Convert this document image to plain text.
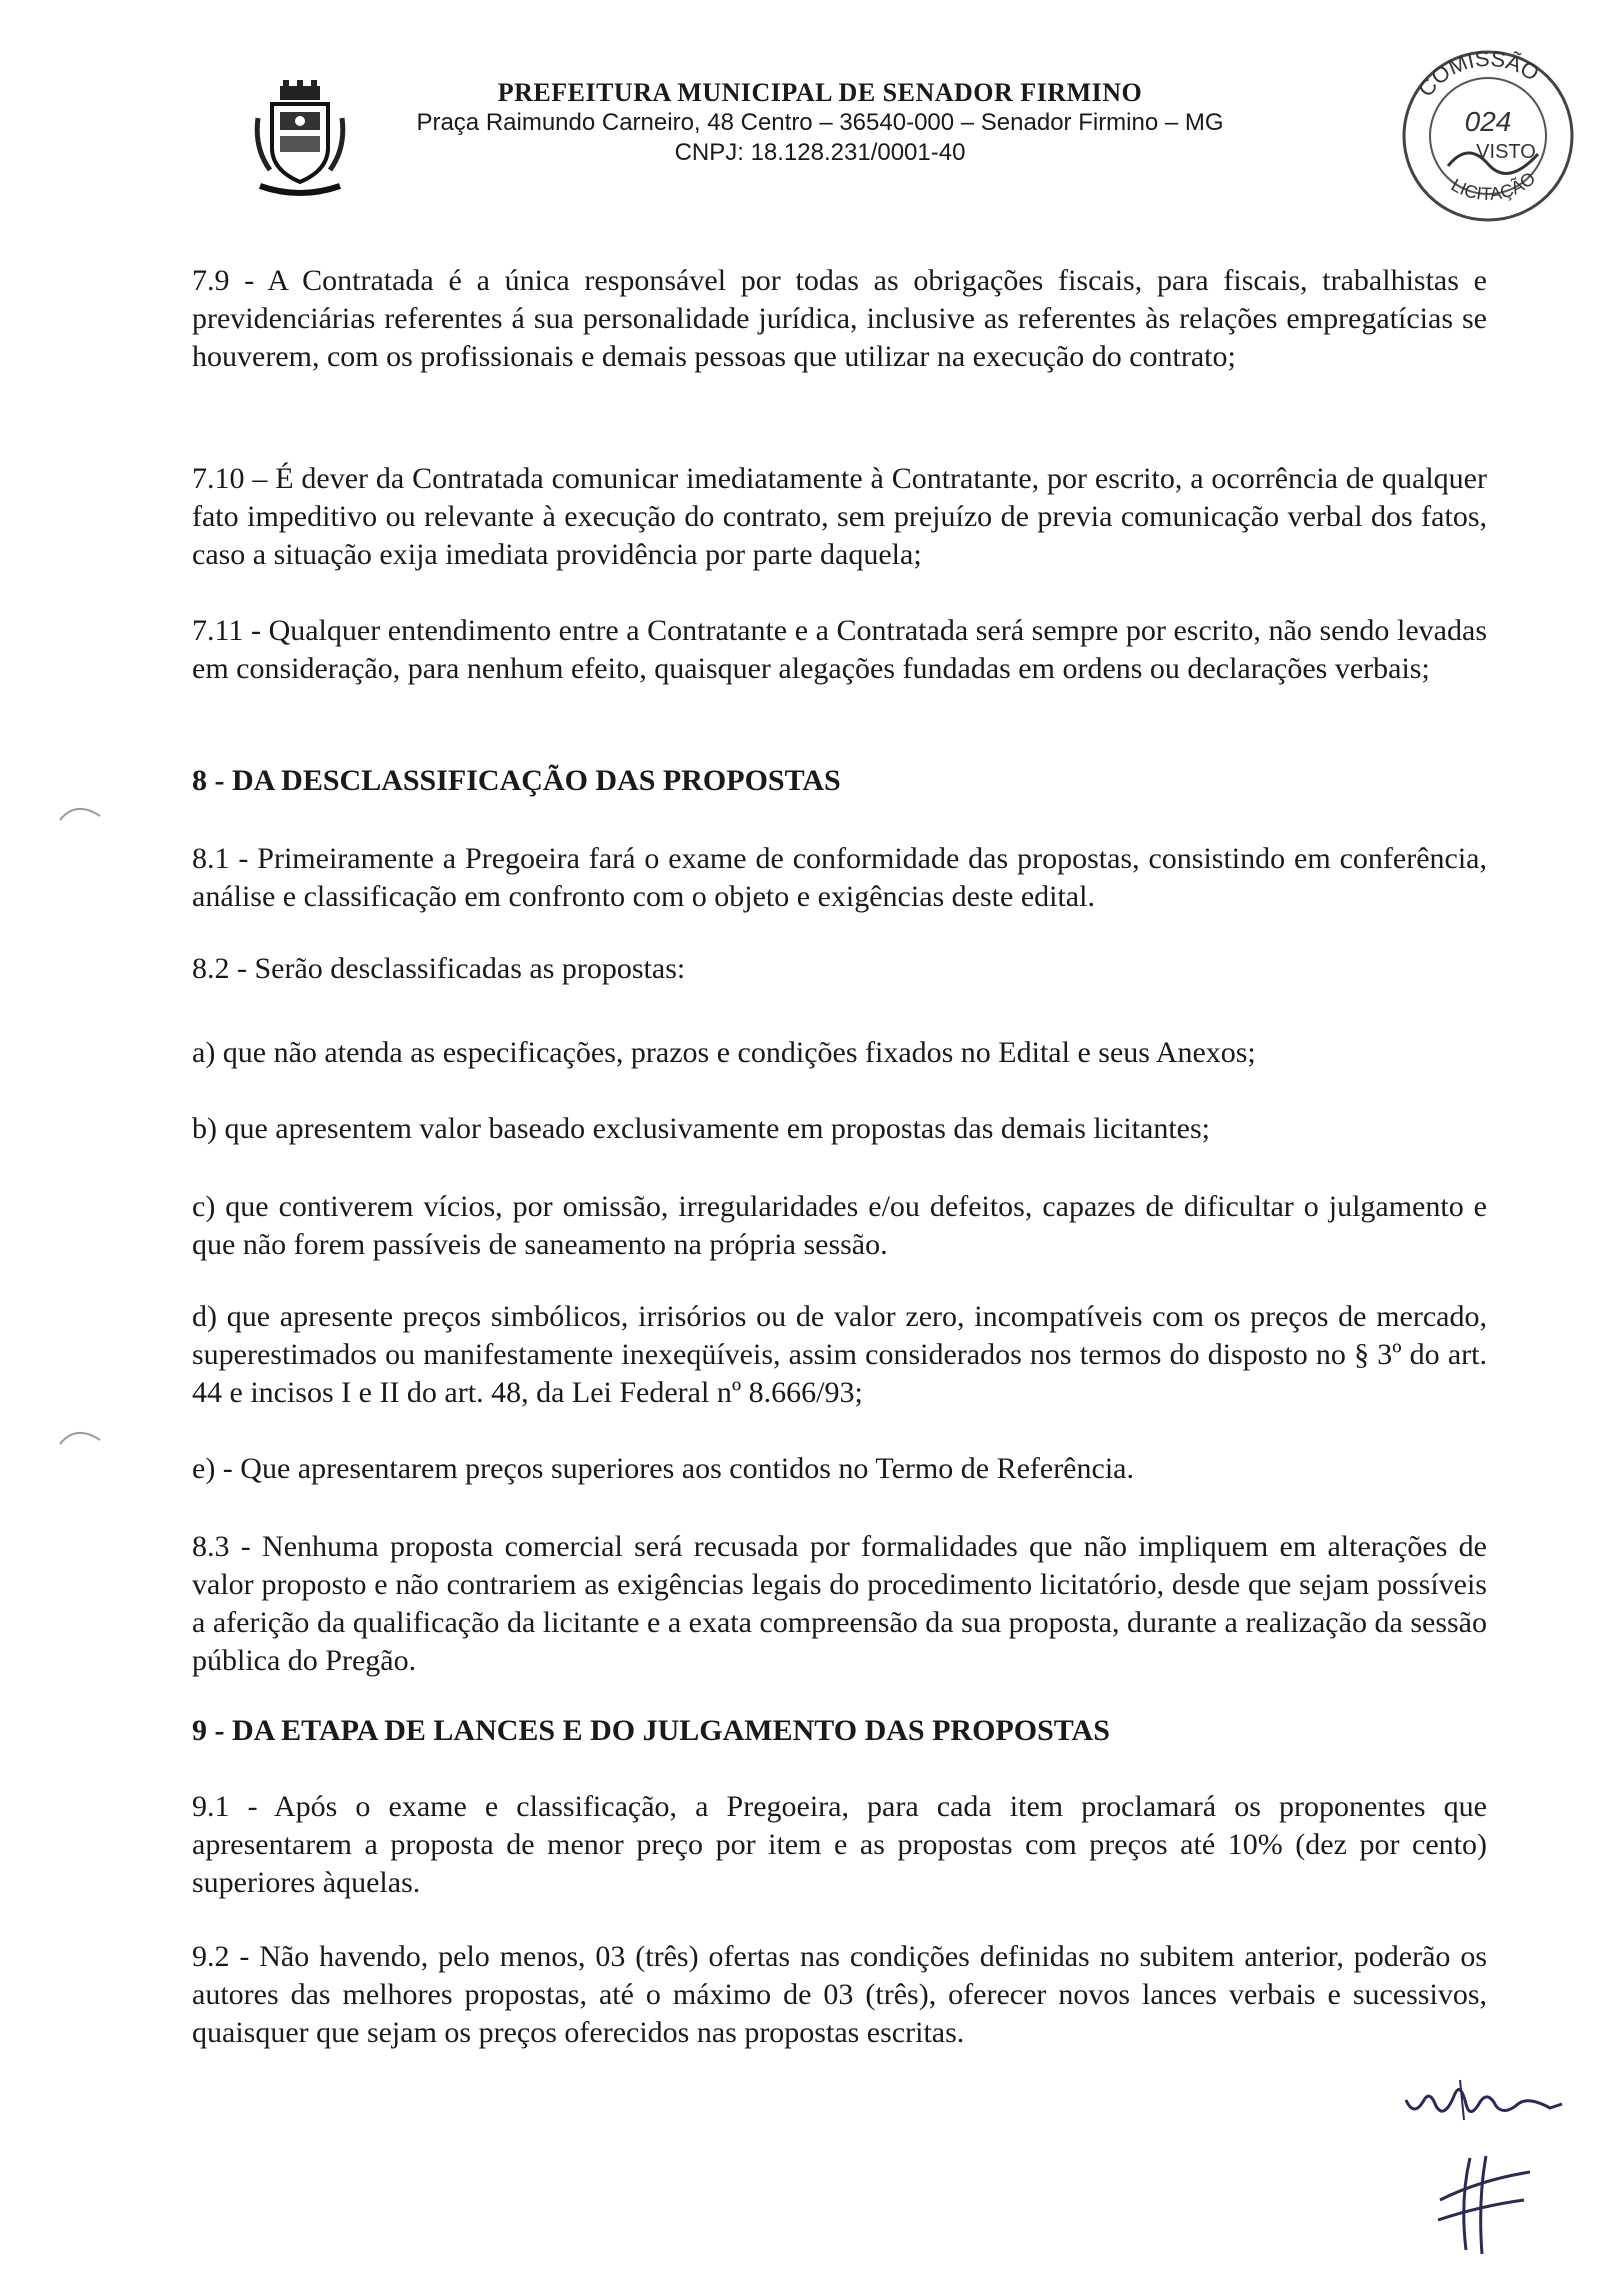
PREFEITURA MUNICIPAL DE SENADOR FIRMINO
Praça Raimundo Carneiro, 48 Centro – 36540-000 – Senador Firmino – MG
CNPJ: 18.128.231/0001-40
COMISSÃO
024
VISTO
LICITAÇÃO

7.9 - A Contratada é a única responsável por todas as obrigações fiscais, para fiscais, trabalhistas e previdenciárias referentes á sua personalidade jurídica, inclusive as referentes às relações empregatícias se houverem, com os profissionais e demais pessoas que utilizar na execução do contrato;

7.10 – É dever da Contratada comunicar imediatamente à Contratante, por escrito, a ocorrência de qualquer fato impeditivo ou relevante à execução do contrato, sem prejuízo de previa comunicação verbal dos fatos, caso a situação exija imediata providência por parte daquela;

7.11 - Qualquer entendimento entre a Contratante e a Contratada será sempre por escrito, não sendo levadas em consideração, para nenhum efeito, quaisquer alegações fundadas em ordens ou declarações verbais;

8 - DA DESCLASSIFICAÇÃO DAS PROPOSTAS

8.1 - Primeiramente a Pregoeira fará o exame de conformidade das propostas, consistindo em conferência, análise e classificação em confronto com o objeto e exigências deste edital.

8.2 - Serão desclassificadas as propostas:

a) que não atenda as especificações, prazos e condições fixados no Edital e seus Anexos;

b) que apresentem valor baseado exclusivamente em propostas das demais licitantes;

c) que contiverem vícios, por omissão, irregularidades e/ou defeitos, capazes de dificultar o julgamento e que não forem passíveis de saneamento na própria sessão.

d) que apresente preços simbólicos, irrisórios ou de valor zero, incompatíveis com os preços de mercado, superestimados ou manifestamente inexeqüíveis, assim considerados nos termos do disposto no § 3º do art. 44 e incisos I e II do art. 48, da Lei Federal nº 8.666/93;

e) - Que apresentarem preços superiores aos contidos no Termo de Referência.

8.3 - Nenhuma proposta comercial será recusada por formalidades que não impliquem em alterações de valor proposto e não contrariem as exigências legais do procedimento licitatório, desde que sejam possíveis a aferição da qualificação da licitante e a exata compreensão da sua proposta, durante a realização da sessão pública do Pregão.

9 - DA ETAPA DE LANCES E DO JULGAMENTO DAS PROPOSTAS

9.1 - Após o exame e classificação, a Pregoeira, para cada item proclamará os proponentes que apresentarem a proposta de menor preço por item e as propostas com preços até 10% (dez por cento) superiores àquelas.

9.2 - Não havendo, pelo menos, 03 (três) ofertas nas condições definidas no subitem anterior, poderão os autores das melhores propostas, até o máximo de 03 (três), oferecer novos lances verbais e sucessivos, quaisquer que sejam os preços oferecidos nas propostas escritas.
